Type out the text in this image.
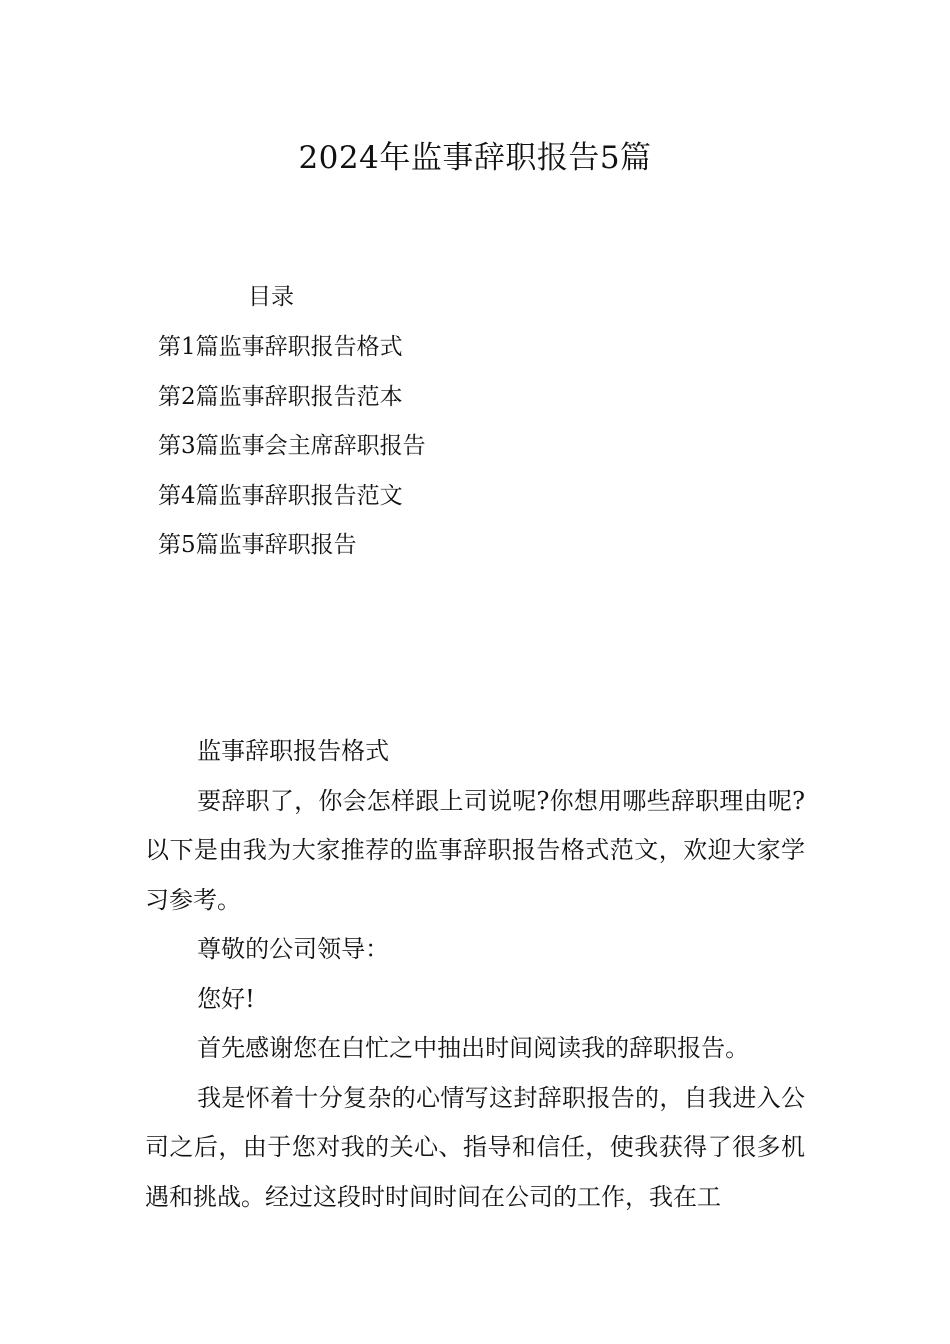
2024年监事辞职报告5篇
目录
第1篇监事辞职报告格式
第2篇监事辞职报告范本
第3篇监事会主席辞职报告
第4篇监事辞职报告范文
第5篇监事辞职报告

监事辞职报告格式

要辞职了，你会怎样跟上司说呢?你想用哪些辞职理由呢?以下是由我为大家推荐的监事辞职报告格式范文，欢迎大家学习参考。

尊敬的公司领导：

您好!

首先感谢您在白忙之中抽出时间阅读我的辞职报告。

我是怀着十分复杂的心情写这封辞职报告的，自我进入公司之后，由于您对我的关心、指导和信任，使我获得了很多机遇和挑战。经过这段时时间时间在公司的工作，我在工
